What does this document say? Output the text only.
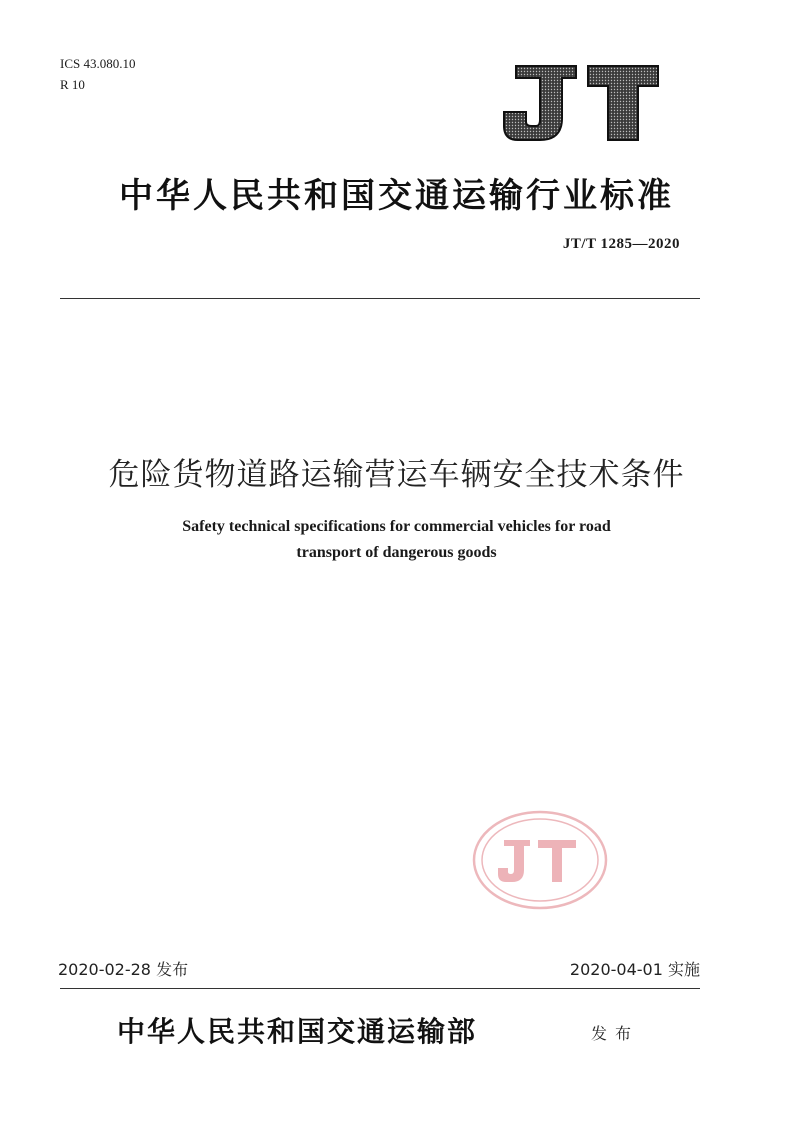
ICS 43.080.10
R 10
中华人民共和国交通运输行业标准
JT/T 1285—2020
危险货物道路运输营运车辆安全技术条件
Safety technical specifications for commercial vehicles for road
transport of dangerous goods
2020-02-28 发布	2020-04-01 实施
中华人民共和国交通运输部	发布
